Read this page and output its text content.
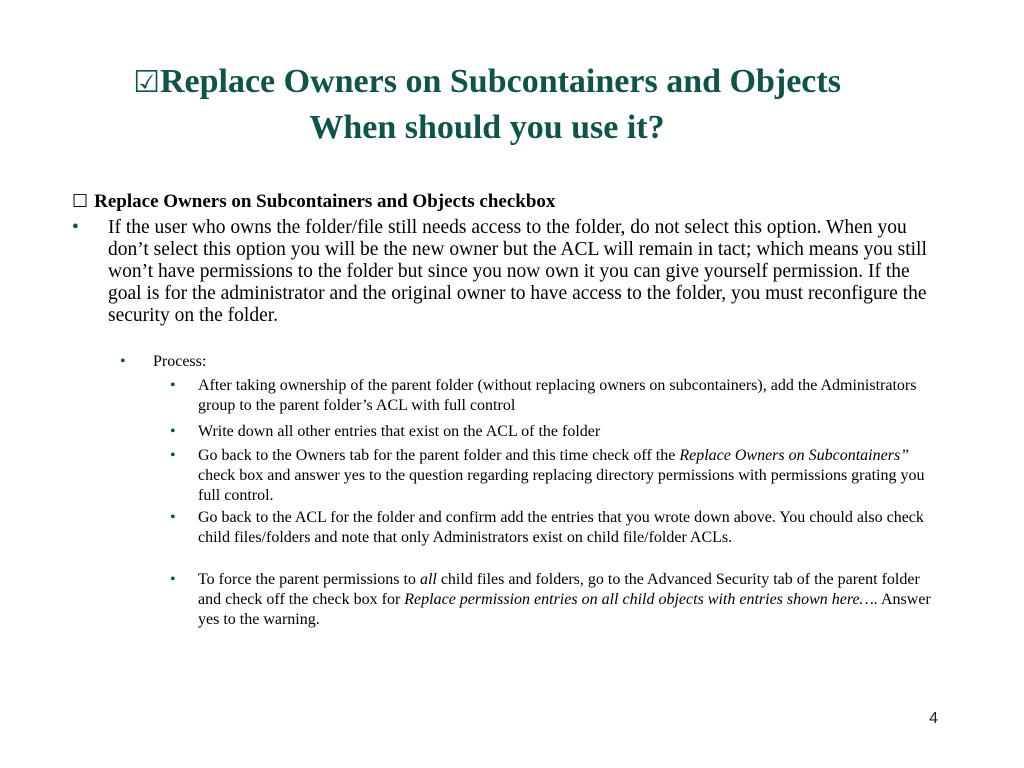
☑Replace Owners on Subcontainers and Objects
When should you use it?
☐ Replace Owners on Subcontainers and Objects checkbox
• If the user who owns the folder/file still needs access to the folder, do not select this option. When you don’t select this option you will be the new owner but the ACL will remain in tact; which means you still won’t have permissions to the folder but since you now own it you can give yourself permission. If the goal is for the administrator and the original owner to have access to the folder, you must reconfigure the security on the folder.
• Process:
• After taking ownership of the parent folder (without replacing owners on subcontainers), add the Administrators group to the parent folder’s ACL with full control
• Write down all other entries that exist on the ACL of the folder
• Go back to the Owners tab for the parent folder and this time check off the Replace Owners on Subcontainers” check box and answer yes to the question regarding replacing directory permissions with permissions grating you full control.
• Go back to the ACL for the folder and confirm add the entries that you wrote down above. You chould also check child files/folders and note that only Administrators exist on child file/folder ACLs.
• To force the parent permissions to all child files and folders, go to the Advanced Security tab of the parent folder and check off the check box for Replace permission entries on all child objects with entries shown here…. Answer yes to the warning.
4
